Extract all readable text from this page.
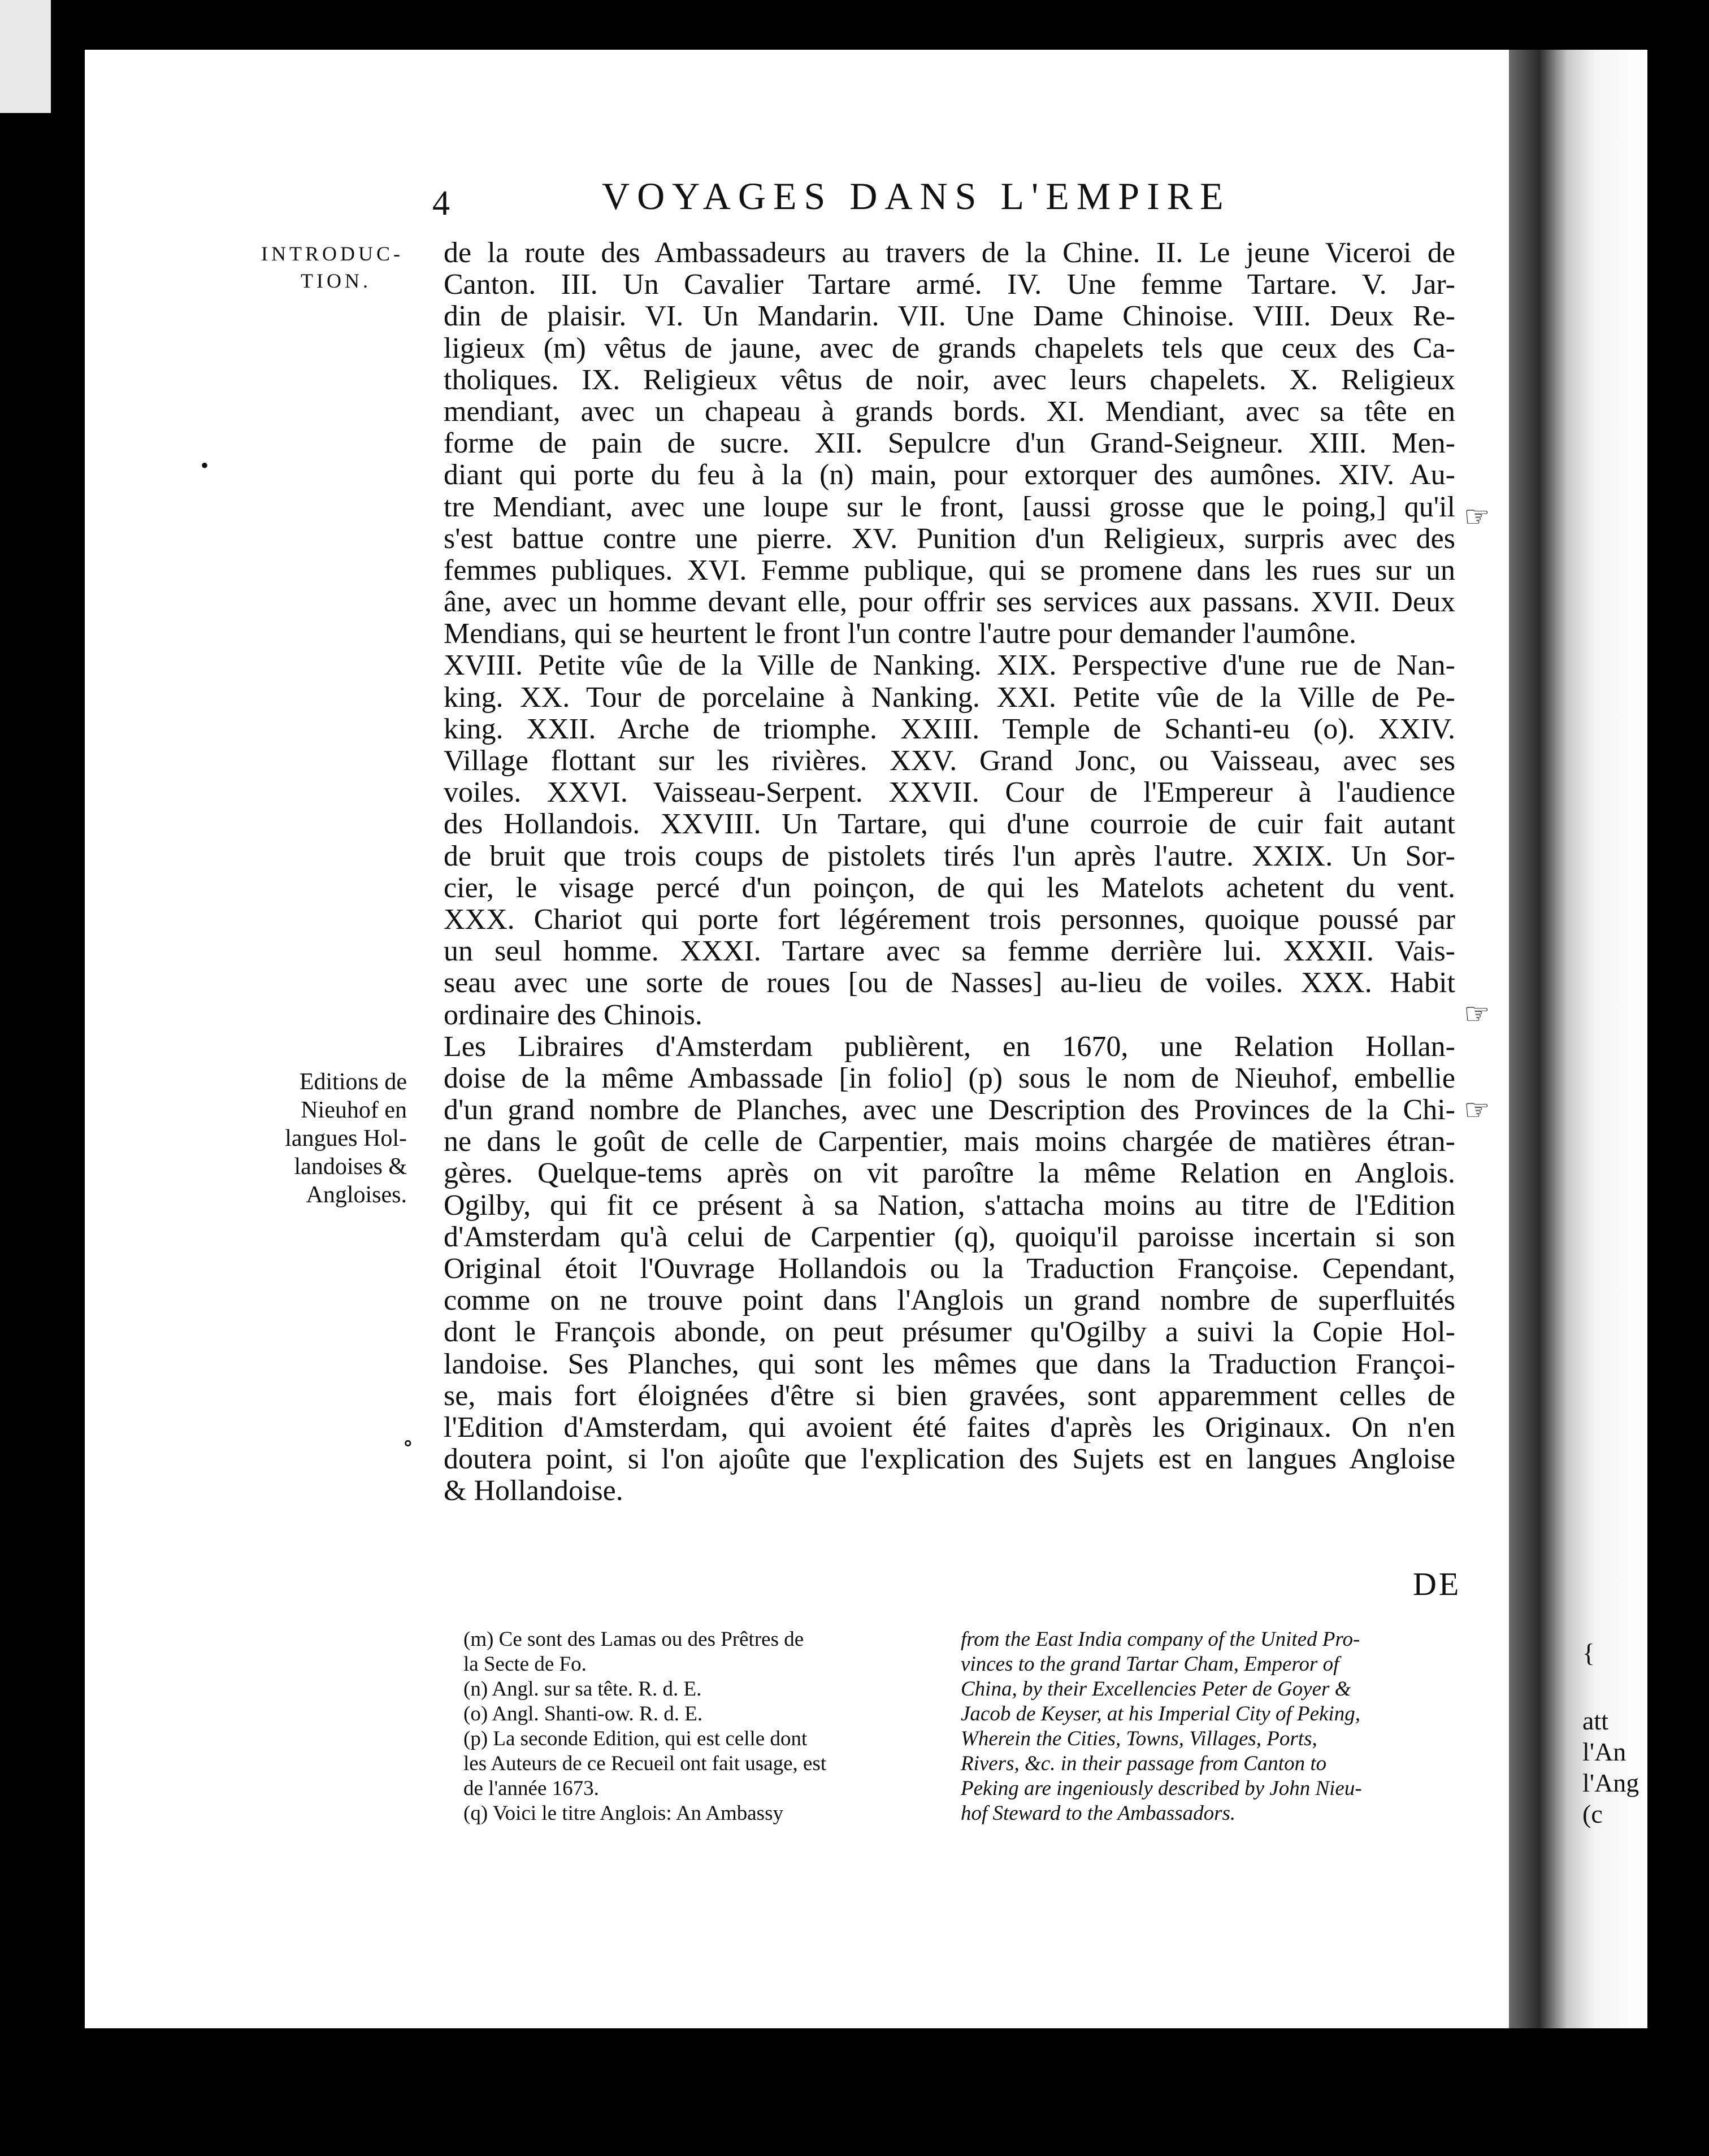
4	VOYAGES DANS L'EMPIRE
INTRODUC-
TION.
Editions de
Nieuhof en
langues Hol-
landoises &
Angloises.
de la route des Ambassadeurs au travers de la Chine. II. Le jeune Viceroi de
Canton. III. Un Cavalier Tartare armé. IV. Une femme Tartare. V. Jar-
din de plaisir. VI. Un Mandarin. VII. Une Dame Chinoise. VIII. Deux Re-
ligieux (m) vêtus de jaune, avec de grands chapelets tels que ceux des Ca-
tholiques. IX. Religieux vêtus de noir, avec leurs chapelets. X. Religieux
mendiant, avec un chapeau à grands bords. XI. Mendiant, avec sa tête en
forme de pain de sucre. XII. Sepulcre d'un Grand-Seigneur. XIII. Men-
diant qui porte du feu à la (n) main, pour extorquer des aumônes. XIV. Au-
tre Mendiant, avec une loupe sur le front, [aussi grosse que le poing,] qu'il
s'est battue contre une pierre. XV. Punition d'un Religieux, surpris avec des
femmes publiques. XVI. Femme publique, qui se promene dans les rues sur un
âne, avec un homme devant elle, pour offrir ses services aux passans. XVII. Deux
Mendians, qui se heurtent le front l'un contre l'autre pour demander l'aumône.
XVIII. Petite vûe de la Ville de Nanking. XIX. Perspective d'une rue de Nan-
king. XX. Tour de porcelaine à Nanking. XXI. Petite vûe de la Ville de Pe-
king. XXII. Arche de triomphe. XXIII. Temple de Schanti-eu (o). XXIV.
Village flottant sur les rivières. XXV. Grand Jonc, ou Vaisseau, avec ses
voiles. XXVI. Vaisseau-Serpent. XXVII. Cour de l'Empereur à l'audience
des Hollandois. XXVIII. Un Tartare, qui d'une courroie de cuir fait autant
de bruit que trois coups de pistolets tirés l'un après l'autre. XXIX. Un Sor-
cier, le visage percé d'un poinçon, de qui les Matelots achetent du vent.
XXX. Chariot qui porte fort légérement trois personnes, quoique poussé par
un seul homme. XXXI. Tartare avec sa femme derrière lui. XXXII. Vais-
seau avec une sorte de roues [ou de Nasses] au-lieu de voiles. XXX. Habit
ordinaire des Chinois.
Les Libraires d'Amsterdam publièrent, en 1670, une Relation Hollan-
doise de la même Ambassade [in folio] (p) sous le nom de Nieuhof, embellie
d'un grand nombre de Planches, avec une Description des Provinces de la Chi-
ne dans le goût de celle de Carpentier, mais moins chargée de matières étran-
gères. Quelque-tems après on vit paroître la même Relation en Anglois.
Ogilby, qui fit ce présent à sa Nation, s'attacha moins au titre de l'Edition
d'Amsterdam qu'à celui de Carpentier (q), quoiqu'il paroisse incertain si son
Original étoit l'Ouvrage Hollandois ou la Traduction Françoise. Cependant,
comme on ne trouve point dans l'Anglois un grand nombre de superfluités
dont le François abonde, on peut présumer qu'Ogilby a suivi la Copie Hol-
landoise. Ses Planches, qui sont les mêmes que dans la Traduction Françoi-
se, mais fort éloignées d'être si bien gravées, sont apparemment celles de
l'Edition d'Amsterdam, qui avoient été faites d'après les Originaux. On n'en
doutera point, si l'on ajoûte que l'explication des Sujets est en langues Angloise
& Hollandoise.
☞
☞
☞
•
∘
DE
(m) Ce sont des Lamas ou des Prêtres de
la Secte de Fo.
(n) Angl. sur sa tête. R. d. E.
(o) Angl. Shanti-ow. R. d. E.
(p) La seconde Edition, qui est celle dont
les Auteurs de ce Recueil ont fait usage, est
de l'année 1673.
(q) Voici le titre Anglois: An Ambassy
from the East India company of the United Pro-
vinces to the grand Tartar Cham, Emperor of
China, by their Excellencies Peter de Goyer &
Jacob de Keyser, at his Imperial City of Peking,
Wherein the Cities, Towns, Villages, Ports,
Rivers, &c. in their passage from Canton to
Peking are ingeniously described by John Nieu-
hof Steward to the Ambassadors.
{
att
l'An
l'Ang
(c
